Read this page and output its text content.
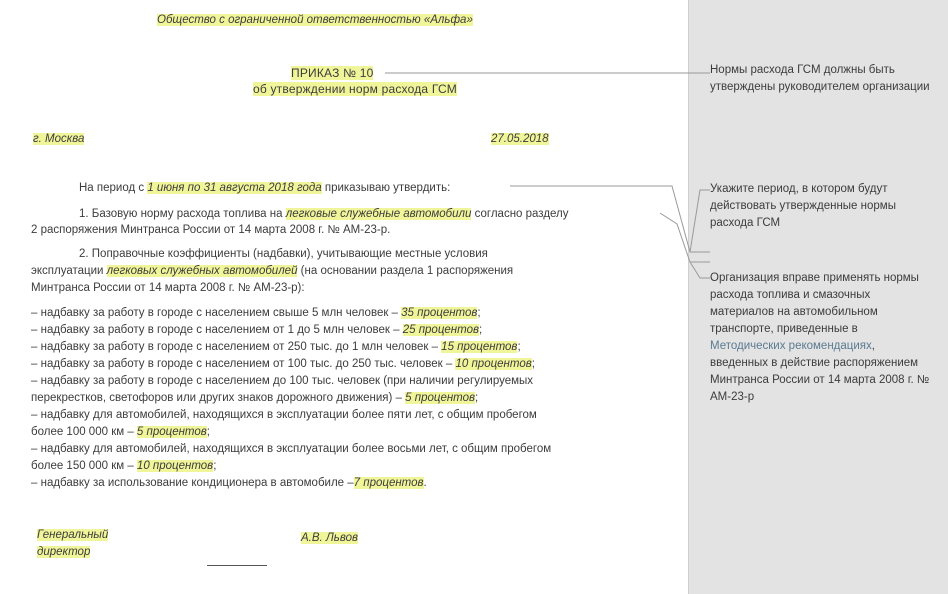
Общество с ограниченной ответственностью «Альфа»
ПРИКАЗ № 10
об утверждении норм расхода ГСМ
г. Москва	27.05.2018
На период с 1 июня по 31 августа 2018 года приказываю утвердить:
1. Базовую норму расхода топлива на легковые служебные автомобили согласно разделу
2 распоряжения Минтранса России от 14 марта 2008 г. № АМ-23-р.
2. Поправочные коэффициенты (надбавки), учитывающие местные условия
эксплуатации легковых служебных автомобилей (на основании раздела 1 распоряжения
Минтранса России от 14 марта 2008 г. № АМ-23-р):
– надбавку за работу в городе с населением свыше 5 млн человек – 35 процентов;
– надбавку за работу в городе с населением от 1 до 5 млн человек – 25 процентов;
– надбавку за работу в городе с населением от 250 тыс. до 1 млн человек – 15 процентов;
– надбавку за работу в городе с населением от 100 тыс. до 250 тыс. человек – 10 процентов;
– надбавку за работу в городе с населением до 100 тыс. человек (при наличии регулируемых
перекрестков, светофоров или других знаков дорожного движения) – 5 процентов;
– надбавку для автомобилей, находящихся в эксплуатации более пяти лет, с общим пробегом
более 100 000 км – 5 процентов;
– надбавку для автомобилей, находящихся в эксплуатации более восьми лет, с общим пробегом
более 150 000 км – 10 процентов;
– надбавку за использование кондиционера в автомобиле –7 процентов.
Генеральный
директор
А.В. Львов
Нормы расхода ГСМ должны быть утверждены руководителем организации
Укажите период, в котором будут действовать утвержденные нормы расхода ГСМ
Организация вправе применять нормы расхода топлива и смазочных материалов на автомобильном транспорте, приведенные в Методических рекомендациях, введенных в действие распоряжением Минтранса России от 14 марта 2008 г. № АМ-23-р
